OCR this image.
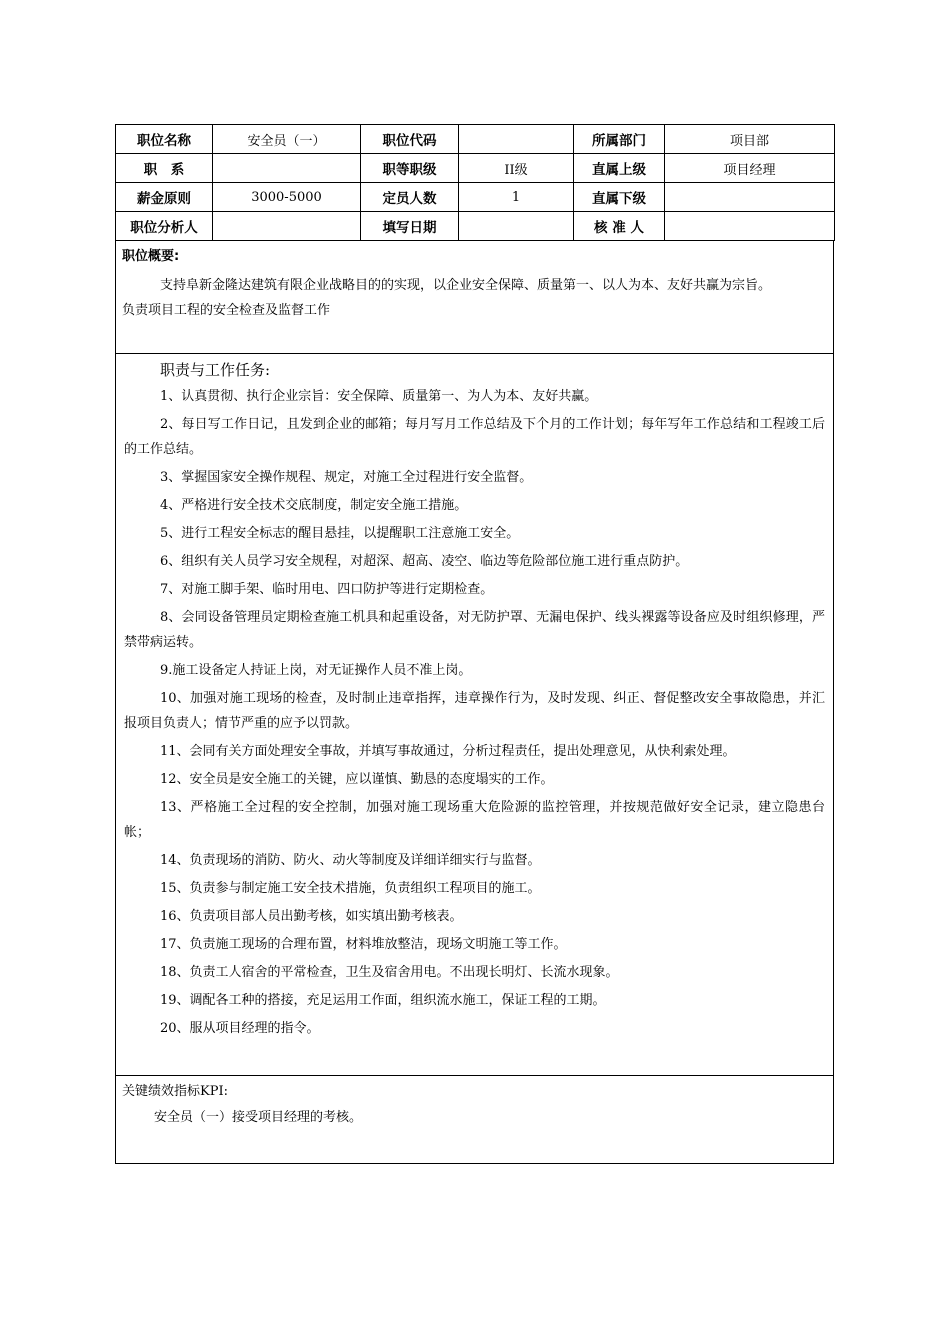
职位名称	安全员（一）	职位代码		所属部门	项目部
职　系		职等职级	II级	直属上级	项目经理
薪金原则	3000-5000	定员人数	1	直属下级	
职位分析人		填写日期		核 准 人	
职位概要:

支持阜新金隆达建筑有限企业战略目的的实现，以企业安全保障、质量第一、以人为本、友好共赢为宗旨。

负责项目工程的安全检查及监督工作

职责与工作任务:

1、认真贯彻、执行企业宗旨：安全保障、质量第一、为人为本、友好共赢。

2、每日写工作日记，且发到企业的邮箱；每月写月工作总结及下个月的工作计划；每年写年工作总结和工程竣工后的工作总结。

3、掌握国家安全操作规程、规定，对施工全过程进行安全监督。

4、严格进行安全技术交底制度，制定安全施工措施。

5、进行工程安全标志的醒目悬挂，以提醒职工注意施工安全。

6、组织有关人员学习安全规程，对超深、超高、凌空、临边等危险部位施工进行重点防护。

7、对施工脚手架、临时用电、四口防护等进行定期检查。

8、会同设备管理员定期检查施工机具和起重设备，对无防护罩、无漏电保护、线头裸露等设备应及时组织修理，严禁带病运转。

9.施工设备定人持证上岗，对无证操作人员不准上岗。

10、加强对施工现场的检查，及时制止违章指挥，违章操作行为，及时发现、纠正、督促整改安全事故隐患，并汇报项目负责人；情节严重的应予以罚款。

11、会同有关方面处理安全事故，并填写事故通过，分析过程责任，提出处理意见，从快利索处理。

12、安全员是安全施工的关键，应以谨慎、勤恳的态度塌实的工作。

13、严格施工全过程的安全控制，加强对施工现场重大危险源的监控管理，并按规范做好安全记录，建立隐患台帐；

14、负责现场的消防、防火、动火等制度及详细详细实行与监督。

15、负责参与制定施工安全技术措施，负责组织工程项目的施工。

16、负责项目部人员出勤考核，如实填出勤考核表。

17、负责施工现场的合理布置，材料堆放整洁，现场文明施工等工作。

18、负责工人宿舍的平常检查，卫生及宿舍用电。不出现长明灯、长流水现象。

19、调配各工种的搭接，充足运用工作面，组织流水施工，保证工程的工期。

20、服从项目经理的指令。

关键绩效指标KPI:

安全员（一）接受项目经理的考核。
